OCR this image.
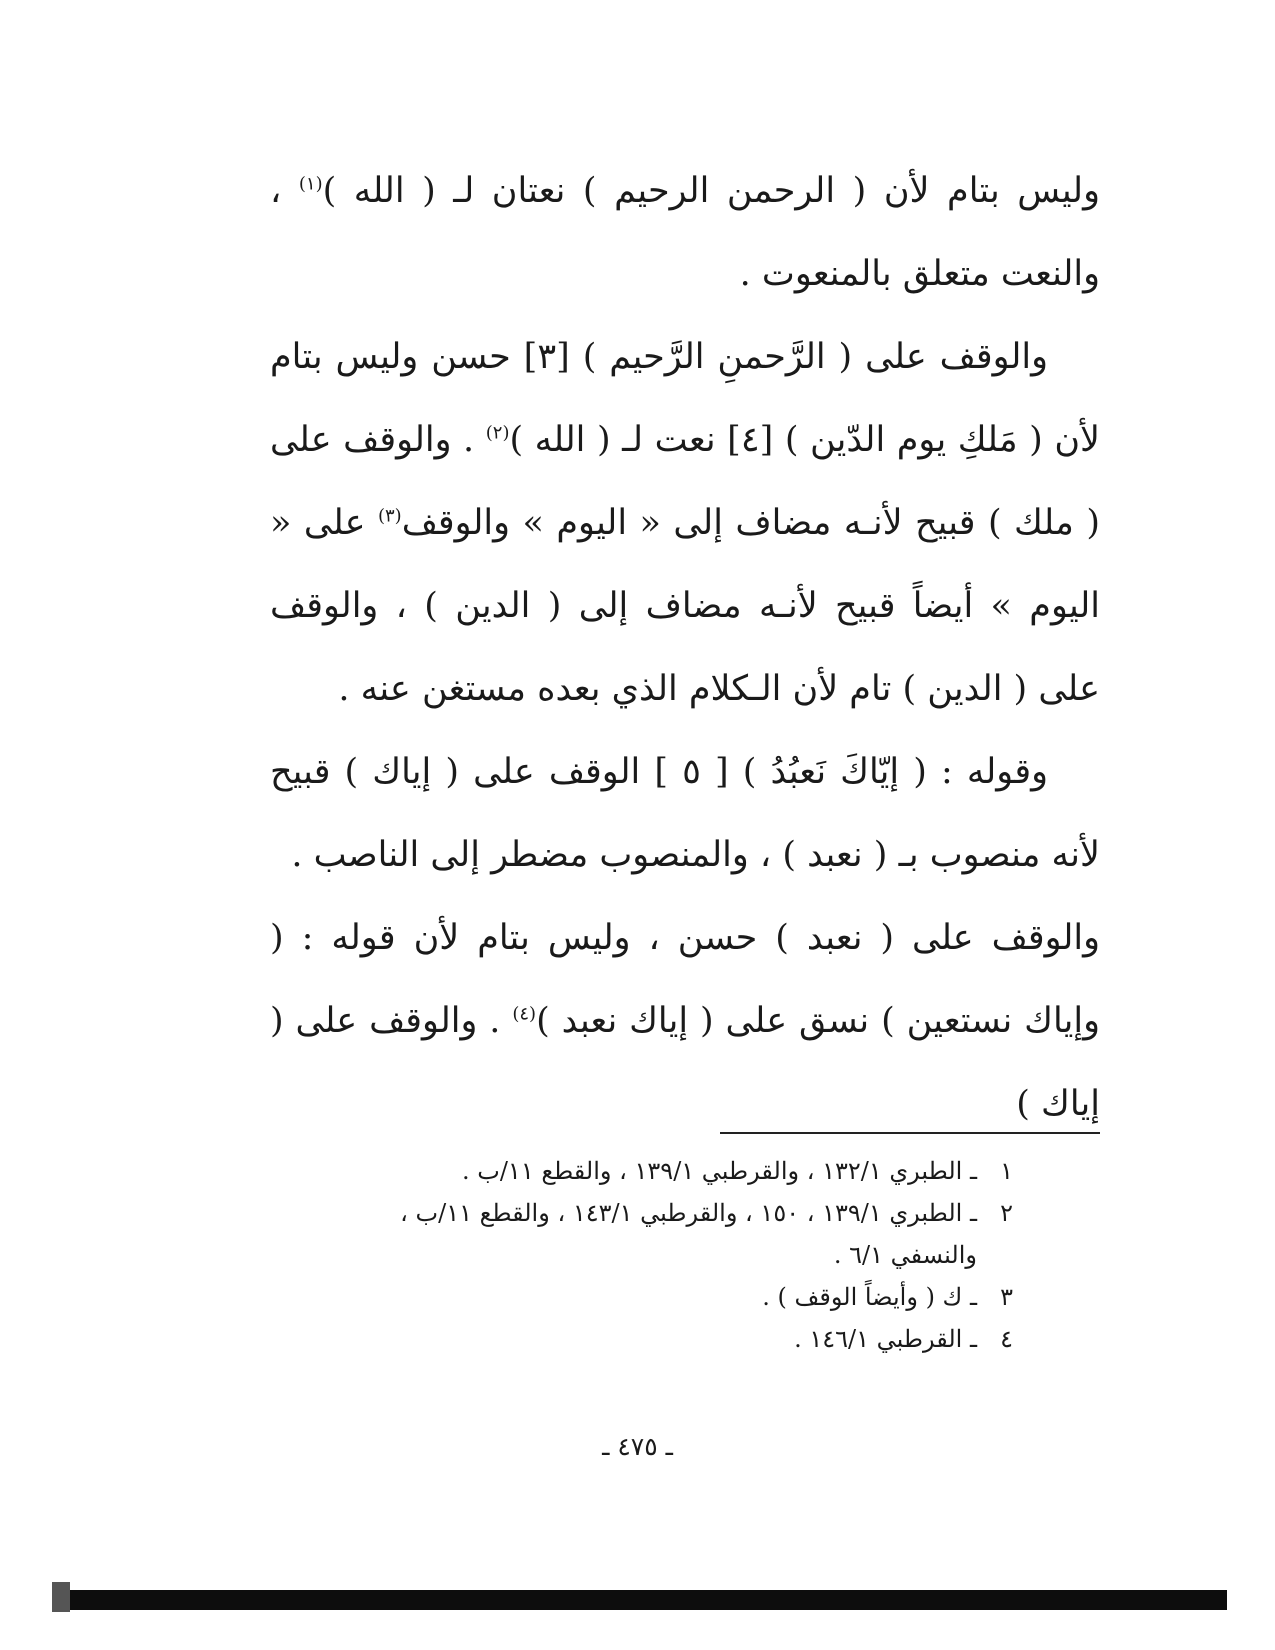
وليس بتام لأن ( الرحمن الرحيم ) نعتان لـ ( الله )$^{(١)}$ ، والنعت متعلق بالمنعوت .

والوقف على ( الرَّحمنِ الرَّحيم ) [٣] حسن وليس بتام لأن ( مَلكِ يوم الدّين ) [٤] نعت لـ ( الله )$^{(٢)}$ . والوقف على ( ملك ) قبيح لأنـه مضاف إلى « اليوم » والوقف$^{(٣)}$ على « اليوم » أيضاً قبيح لأنـه مضاف إلى ( الدين ) ، والوقف على ( الدين ) تام لأن الـكلام الذي بعده مستغن عنه .

وقوله : ( إيّاكَ نَعبُدُ ) [ ٥ ] الوقف على ( إياك ) قبيح لأنه منصوب بـ ( نعبد ) ، والمنصوب مضطر إلى الناصب .

والوقف على ( نعبد ) حسن ، وليس بتام لأن قوله : ( وإياك نستعين ) نسق على ( إياك نعبد )$^{(٤)}$ . والوقف على ( إياك )

١
ـ الطبري ١٣٢/١ ، والقرطبي ١٣٩/١ ، والقطع ١١/ب .
٢
ـ الطبري ١٣٩/١ ، ١٥٠ ، والقرطبي ١٤٣/١ ، والقطع ١١/ب ، والنسفي ٦/١ .
٣
ـ ك ( وأيضاً الوقف ) .
٤
ـ القرطبي ١٤٦/١ .
ـ ٤٧٥ ـ
